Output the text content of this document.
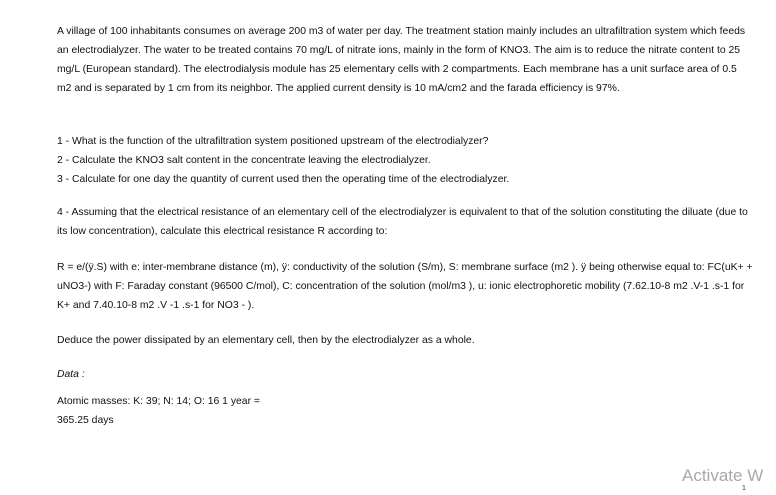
A village of 100 inhabitants consumes on average 200 m3 of water per day. The treatment station mainly includes an ultrafiltration system which feeds an electrodialyzer. The water to be treated contains 70 mg/L of nitrate ions, mainly in the form of KNO3. The aim is to reduce the nitrate content to 25 mg/L (European standard). The electrodialysis module has 25 elementary cells with 2 compartments. Each membrane has a unit surface area of 0.5 m2 and is separated by 1 cm from its neighbor. The applied current density is 10 mA/cm2 and the farada efficiency is 97%.

1 - What is the function of the ultrafiltration system positioned upstream of the electrodialyzer?

2 - Calculate the KNO3 salt content in the concentrate leaving the electrodialyzer.

3 - Calculate for one day the quantity of current used then the operating time of the electrodialyzer.

4 - Assuming that the electrical resistance of an elementary cell of the electrodialyzer is equivalent to that of the solution constituting the diluate (due to its low concentration), calculate this electrical resistance R according to:

R = e/(ÿ.S) with e: inter-membrane distance (m), ÿ: conductivity of the solution (S/m), S: membrane surface (m2 ). ÿ being otherwise equal to: FC(uK+ + uNO3-) with F: Faraday constant (96500 C/mol), C: concentration of the solution (mol/m3 ), u: ionic electrophoretic mobility (7.62.10-8 m2 .V-1 .s-1 for K+ and 7.40.10-8 m2 .V -1 .s-1 for NO3 - ).

Deduce the power dissipated by an elementary cell, then by the electrodialyzer as a whole.

Data :

Atomic masses: K: 39; N: 14; O: 16 1 year =

365.25 days

Activate W
1
